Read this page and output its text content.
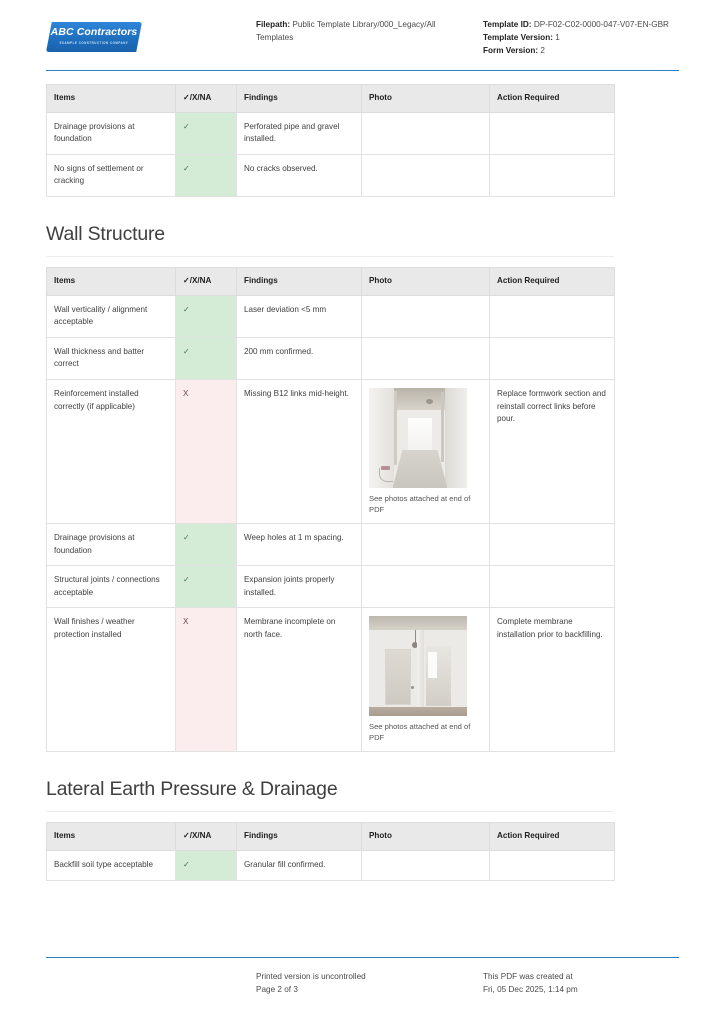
ABC Contractors
EXAMPLE CONSTRUCTION COMPANY
Filepath: Public Template Library/000_Legacy/All Templates
Template ID: DP-F02-C02-0000-047-V07-EN-GBR
Template Version: 1
Form Version: 2
Items	✓/X/NA	Findings	Photo	Action Required
Drainage provisions at foundation	✓	Perforated pipe and gravel installed.		
No signs of settlement or cracking	✓	No cracks observed.		
Wall Structure
Items	✓/X/NA	Findings	Photo	Action Required
Wall verticality / alignment acceptable	✓	Laser deviation <5 mm		
Wall thickness and batter correct	✓	200 mm confirmed.		
Reinforcement installed correctly (if applicable)	X	Missing B12 links mid-height.	See photos attached at end of PDF	Replace formwork section and reinstall correct links before pour.
Drainage provisions at foundation	✓	Weep holes at 1 m spacing.		
Structural joints / connections acceptable	✓	Expansion joints properly installed.		
Wall finishes / weather protection installed	X	Membrane incomplete on north face.	See photos attached at end of PDF	Complete membrane installation prior to backfilling.
Lateral Earth Pressure & Drainage
Items	✓/X/NA	Findings	Photo	Action Required
Backfill soil type acceptable	✓	Granular fill confirmed.		
Printed version is uncontrolled
Page 2 of 3
This PDF was created at
Fri, 05 Dec 2025, 1:14 pm
